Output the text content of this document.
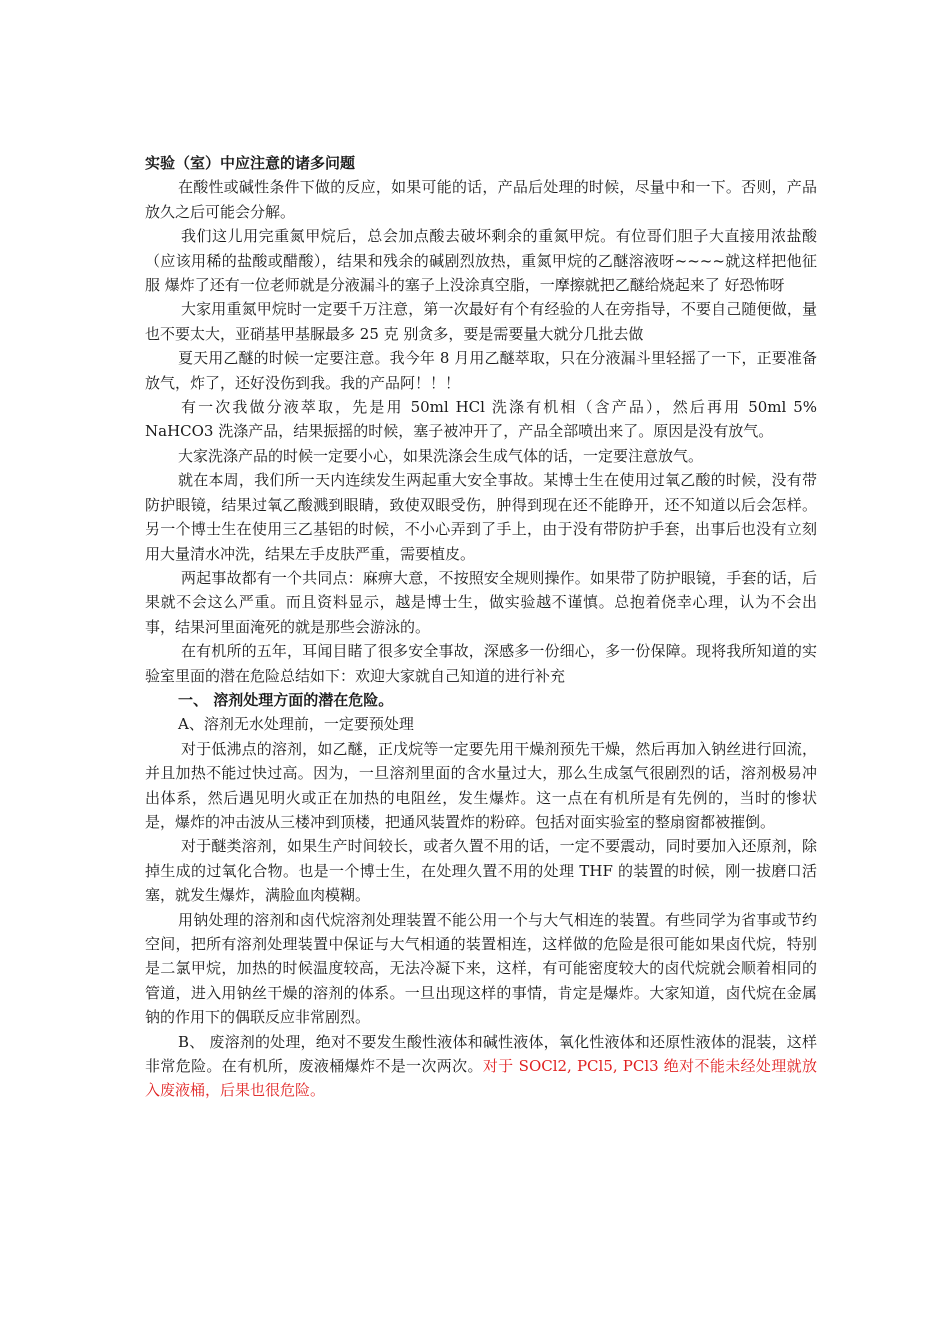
实验（室）中应注意的诸多问题

在酸性或碱性条件下做的反应，如果可能的话，产品后处理的时候，尽量中和一下。否则，产品放久之后可能会分解。

我们这儿用完重氮甲烷后，总会加点酸去破坏剩余的重氮甲烷。有位哥们胆子大直接用浓盐酸（应该用稀的盐酸或醋酸），结果和残余的碱剧烈放热，重氮甲烷的乙醚溶液呀~~~~就这样把他征服 爆炸了还有一位老师就是分液漏斗的塞子上没涂真空脂，一摩擦就把乙醚给烧起来了 好恐怖呀

大家用重氮甲烷时一定要千万注意，第一次最好有个有经验的人在旁指导，不要自己随便做，量也不要太大，亚硝基甲基脲最多 25 克 别贪多，要是需要量大就分几批去做

夏天用乙醚的时候一定要注意。我今年 8 月用乙醚萃取，只在分液漏斗里轻摇了一下，正要准备放气，炸了，还好没伤到我。我的产品阿！！！

有一次我做分液萃取，先是用 50ml HCl 洗涤有机相（含产品），然后再用 50ml 5% NaHCO3 洗涤产品，结果振摇的时候，塞子被冲开了，产品全部喷出来了。原因是没有放气。

大家洗涤产品的时候一定要小心，如果洗涤会生成气体的话，一定要注意放气。

就在本周，我们所一天内连续发生两起重大安全事故。某博士生在使用过氧乙酸的时候，没有带防护眼镜，结果过氧乙酸溅到眼睛，致使双眼受伤，肿得到现在还不能睁开，还不知道以后会怎样。另一个博士生在使用三乙基铝的时候，不小心弄到了手上，由于没有带防护手套，出事后也没有立刻用大量清水冲洗，结果左手皮肤严重，需要植皮。

两起事故都有一个共同点：麻痹大意，不按照安全规则操作。如果带了防护眼镜，手套的话，后果就不会这么严重。而且资料显示，越是博士生，做实验越不谨慎。总抱着侥幸心理，认为不会出事，结果河里面淹死的就是那些会游泳的。

在有机所的五年，耳闻目睹了很多安全事故，深感多一份细心，多一份保障。现将我所知道的实验室里面的潜在危险总结如下：欢迎大家就自己知道的进行补充

一、 溶剂处理方面的潜在危险。

A、溶剂无水处理前，一定要预处理

对于低沸点的溶剂，如乙醚，正戊烷等一定要先用干燥剂预先干燥，然后再加入钠丝进行回流，并且加热不能过快过高。因为，一旦溶剂里面的含水量过大，那么生成氢气很剧烈的话，溶剂极易冲出体系，然后遇见明火或正在加热的电阻丝，发生爆炸。这一点在有机所是有先例的，当时的惨状是，爆炸的冲击波从三楼冲到顶楼，把通风装置炸的粉碎。包括对面实验室的整扇窗都被摧倒。

对于醚类溶剂，如果生产时间较长，或者久置不用的话，一定不要震动，同时要加入还原剂，除掉生成的过氧化合物。也是一个博士生，在处理久置不用的处理 THF 的装置的时候，刚一拔磨口活塞，就发生爆炸，满脸血肉模糊。

用钠处理的溶剂和卤代烷溶剂处理装置不能公用一个与大气相连的装置。有些同学为省事或节约空间，把所有溶剂处理装置中保证与大气相通的装置相连，这样做的危险是很可能如果卤代烷，特别是二氯甲烷，加热的时候温度较高，无法冷凝下来，这样，有可能密度较大的卤代烷就会顺着相同的管道，进入用钠丝干燥的溶剂的体系。一旦出现这样的事情，肯定是爆炸。大家知道，卤代烷在金属钠的作用下的偶联反应非常剧烈。

B、 废溶剂的处理，绝对不要发生酸性液体和碱性液体，氧化性液体和还原性液体的混装，这样非常危险。在有机所，废液桶爆炸不是一次两次。对于 SOCl2, PCl5, PCl3 绝对不能未经处理就放入废液桶，后果也很危险。
